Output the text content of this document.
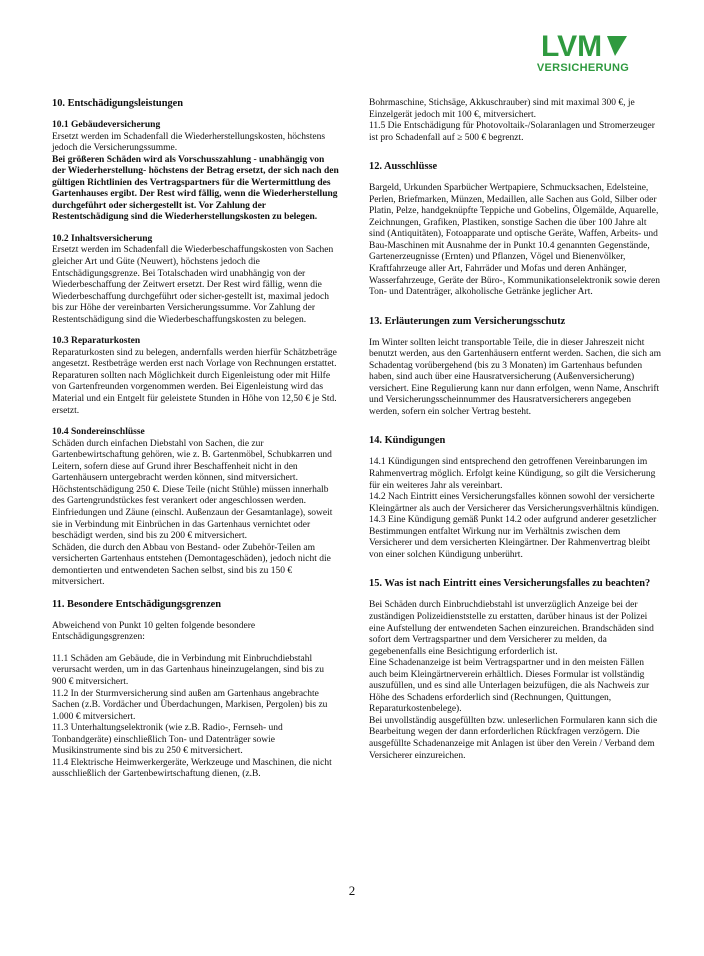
LVM
VERSICHERUNG

10. Entschädigungsleistungen

10.1 Gebäudeversicherung

Ersetzt werden im Schadenfall die Wiederherstellungskosten, höchstens jedoch die Versicherungssumme.

Bei größeren Schäden wird als Vorschusszahlung - unabhängig von der Wiederherstellung- höchstens der Betrag ersetzt, der sich nach den gültigen Richtlinien des Vertragspartners für die Wertermittlung des Gartenhauses ergibt. Der Rest wird fällig, wenn die Wiederherstellung durchgeführt oder sichergestellt ist. Vor Zahlung der Restentschädigung sind die Wiederherstellungskosten zu belegen.

10.2 Inhaltsversicherung

Ersetzt werden im Schadenfall die Wiederbeschaffungskosten von Sachen gleicher Art und Güte (Neuwert), höchstens jedoch die Entschädigungsgrenze. Bei Totalschaden wird unabhängig von der Wiederbeschaffung der Zeitwert ersetzt. Der Rest wird fällig, wenn die Wiederbeschaffung durchgeführt oder sicher-gestellt ist, maximal jedoch bis zur Höhe der vereinbarten Versicherungssumme. Vor Zahlung der Restentschädigung sind die Wiederbeschaffungskosten zu belegen.

10.3 Reparaturkosten

Reparaturkosten sind zu belegen, andernfalls werden hierfür Schätzbeträge angesetzt. Restbeträge werden erst nach Vorlage von Rechnungen erstattet.

Reparaturen sollten nach Möglichkeit durch Eigenleistung oder mit Hilfe von Gartenfreunden vorgenommen werden. Bei Eigenleistung wird das Material und ein Entgelt für geleistete Stunden in Höhe von 12,50 € je Std. ersetzt.

10.4 Sondereinschlüsse

Schäden durch einfachen Diebstahl von Sachen, die zur Gartenbewirtschaftung gehören, wie z. B. Gartenmöbel, Schubkarren und Leitern, sofern diese auf Grund ihrer Beschaffenheit nicht in den Gartenhäusern untergebracht werden können, sind mitversichert. Höchstentschädigung 250 €. Diese Teile (nicht Stühle) müssen innerhalb des Gartengrundstückes fest verankert oder angeschlossen werden.

Einfriedungen und Zäune (einschl. Außenzaun der Gesamtanlage), soweit sie in Verbindung mit Einbrüchen in das Gartenhaus vernichtet oder beschädigt werden, sind bis zu 200 € mitversichert.

Schäden, die durch den Abbau von Bestand- oder Zubehör-Teilen am versicherten Gartenhaus entstehen (Demontageschäden), jedoch nicht die demontierten und entwendeten Sachen selbst, sind bis zu 150 € mitversichert.

11. Besondere Entschädigungsgrenzen

Abweichend von Punkt 10 gelten folgende besondere Entschädigungsgrenzen:

11.1 Schäden am Gebäude, die in Verbindung mit Einbruchdiebstahl verursacht werden, um in das Gartenhaus hineinzugelangen, sind bis zu 900 € mitversichert.

11.2 In der Sturmversicherung sind außen am Gartenhaus angebrachte Sachen (z.B. Vordächer und Überdachungen, Markisen, Pergolen) bis zu 1.000 € mitversichert.

11.3 Unterhaltungselektronik (wie z.B. Radio-, Fernseh- und Tonbandgeräte) einschließlich Ton- und Datenträger sowie Musikinstrumente sind bis zu 250 € mitversichert.

11.4 Elektrische Heimwerkergeräte, Werkzeuge und Maschinen, die nicht ausschließlich der Gartenbewirtschaftung dienen, (z.B.

Bohrmaschine, Stichsäge, Akkuschrauber) sind mit maximal 300 €, je Einzelgerät jedoch mit 100 €, mitversichert.

11.5 Die Entschädigung für Photovoltaik-/Solaranlagen und Stromerzeuger ist pro Schadenfall auf ≥ 500 € begrenzt.

12. Ausschlüsse

Bargeld, Urkunden Sparbücher Wertpapiere, Schmucksachen, Edelsteine, Perlen, Briefmarken, Münzen, Medaillen, alle Sachen aus Gold, Silber oder Platin, Pelze, handgeknüpfte Teppiche und Gobelins, Ölgemälde, Aquarelle, Zeichnungen, Grafiken, Plastiken, sonstige Sachen die über 100 Jahre alt sind (Antiquitäten), Fotoapparate und optische Geräte, Waffen, Arbeits- und Bau-Maschinen mit Ausnahme der in Punkt 10.4 genannten Gegenstände, Gartenerzeugnisse (Ernten) und Pflanzen, Vögel und Bienenvölker, Kraftfahrzeuge aller Art, Fahrräder und Mofas und deren Anhänger, Wasserfahrzeuge, Geräte der Büro-, Kommunikationselektronik sowie deren Ton- und Datenträger, alkoholische Getränke jeglicher Art.

13. Erläuterungen zum Versicherungsschutz

Im Winter sollten leicht transportable Teile, die in dieser Jahreszeit nicht benutzt werden, aus den Gartenhäusern entfernt werden. Sachen, die sich am Schadentag vorübergehend (bis zu 3 Monaten) im Gartenhaus befunden haben, sind auch über eine Hausratversicherung (Außenversicherung) versichert. Eine Regulierung kann nur dann erfolgen, wenn Name, Anschrift und Versicherungsscheinnummer des Hausratversicherers angegeben werden, sofern ein solcher Vertrag besteht.

14. Kündigungen

14.1 Kündigungen sind entsprechend den getroffenen Vereinbarungen im Rahmenvertrag möglich. Erfolgt keine Kündigung, so gilt die Versicherung für ein weiteres Jahr als vereinbart.

14.2 Nach Eintritt eines Versicherungsfalles können sowohl der versicherte Kleingärtner als auch der Versicherer das Versicherungsverhältnis kündigen.

14.3 Eine Kündigung gemäß Punkt 14.2 oder aufgrund anderer gesetzlicher Bestimmungen entfaltet Wirkung nur im Verhältnis zwischen dem Versicherer und dem versicherten Kleingärtner. Der Rahmenvertrag bleibt von einer solchen Kündigung unberührt.

15. Was ist nach Eintritt eines Versicherungsfalles zu beachten?

Bei Schäden durch Einbruchdiebstahl ist unverzüglich Anzeige bei der zuständigen Polizeidienststelle zu erstatten, darüber hinaus ist der Polizei eine Aufstellung der entwendeten Sachen einzureichen. Brandschäden sind sofort dem Vertragspartner und dem Versicherer zu melden, da gegebenenfalls eine Besichtigung erforderlich ist.

Eine Schadenanzeige ist beim Vertragspartner und in den meisten Fällen auch beim Kleingärtnerverein erhältlich. Dieses Formular ist vollständig auszufüllen, und es sind alle Unterlagen beizufügen, die als Nachweis zur Höhe des Schadens erforderlich sind (Rechnungen, Quittungen, Reparaturkostenbelege).

Bei unvollständig ausgefüllten bzw. unleserlichen Formularen kann sich die Bearbeitung wegen der dann erforderlichen Rückfragen verzögern. Die ausgefüllte Schadenanzeige mit Anlagen ist über den Verein / Verband dem Versicherer einzureichen.

2
